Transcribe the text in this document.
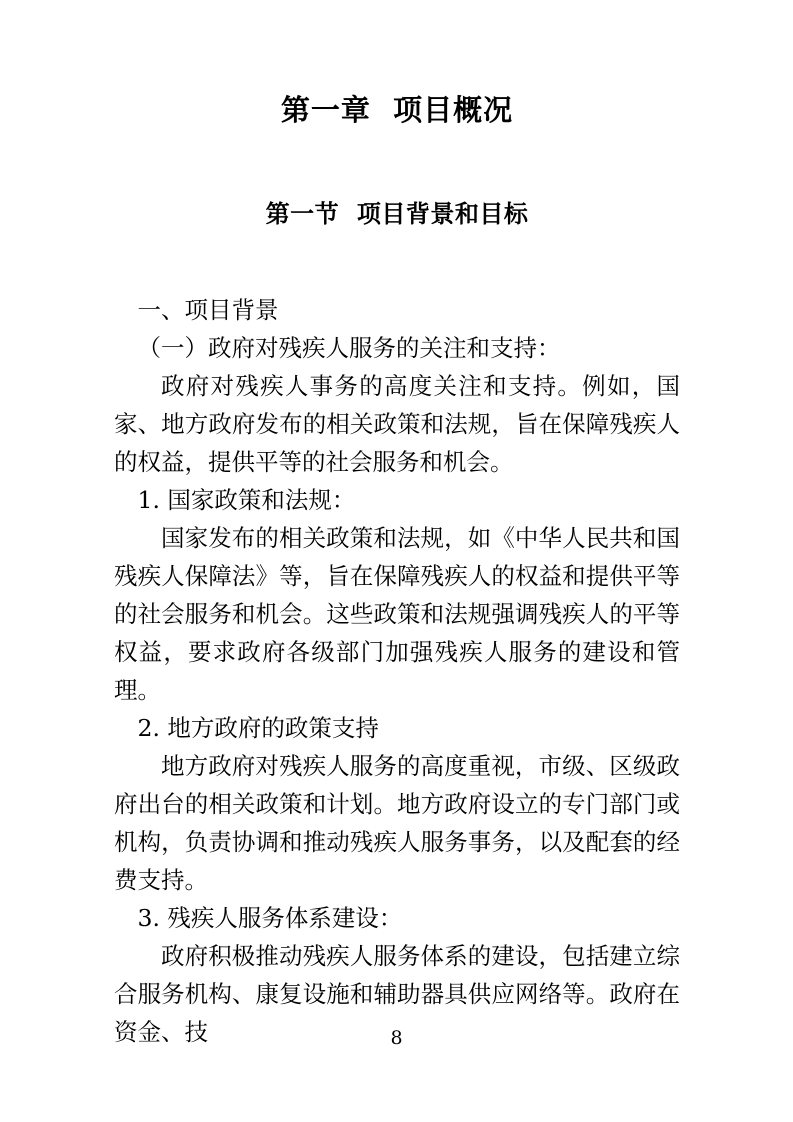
第一章  项目概况
第一节  项目背景和目标

一、项目背景

（一）政府对残疾人服务的关注和支持：

政府对残疾人事务的高度关注和支持。例如，国家、地方政府发布的相关政策和法规，旨在保障残疾人的权益，提供平等的社会服务和机会。

1. 国家政策和法规：

国家发布的相关政策和法规，如《中华人民共和国残疾人保障法》等，旨在保障残疾人的权益和提供平等的社会服务和机会。这些政策和法规强调残疾人的平等权益，要求政府各级部门加强残疾人服务的建设和管理。

2. 地方政府的政策支持

地方政府对残疾人服务的高度重视，市级、区级政府出台的相关政策和计划。地方政府设立的专门部门或机构，负责协调和推动残疾人服务事务，以及配套的经费支持。

3. 残疾人服务体系建设：

政府积极推动残疾人服务体系的建设，包括建立综合服务机构、康复设施和辅助器具供应网络等。政府在资金、技	8
